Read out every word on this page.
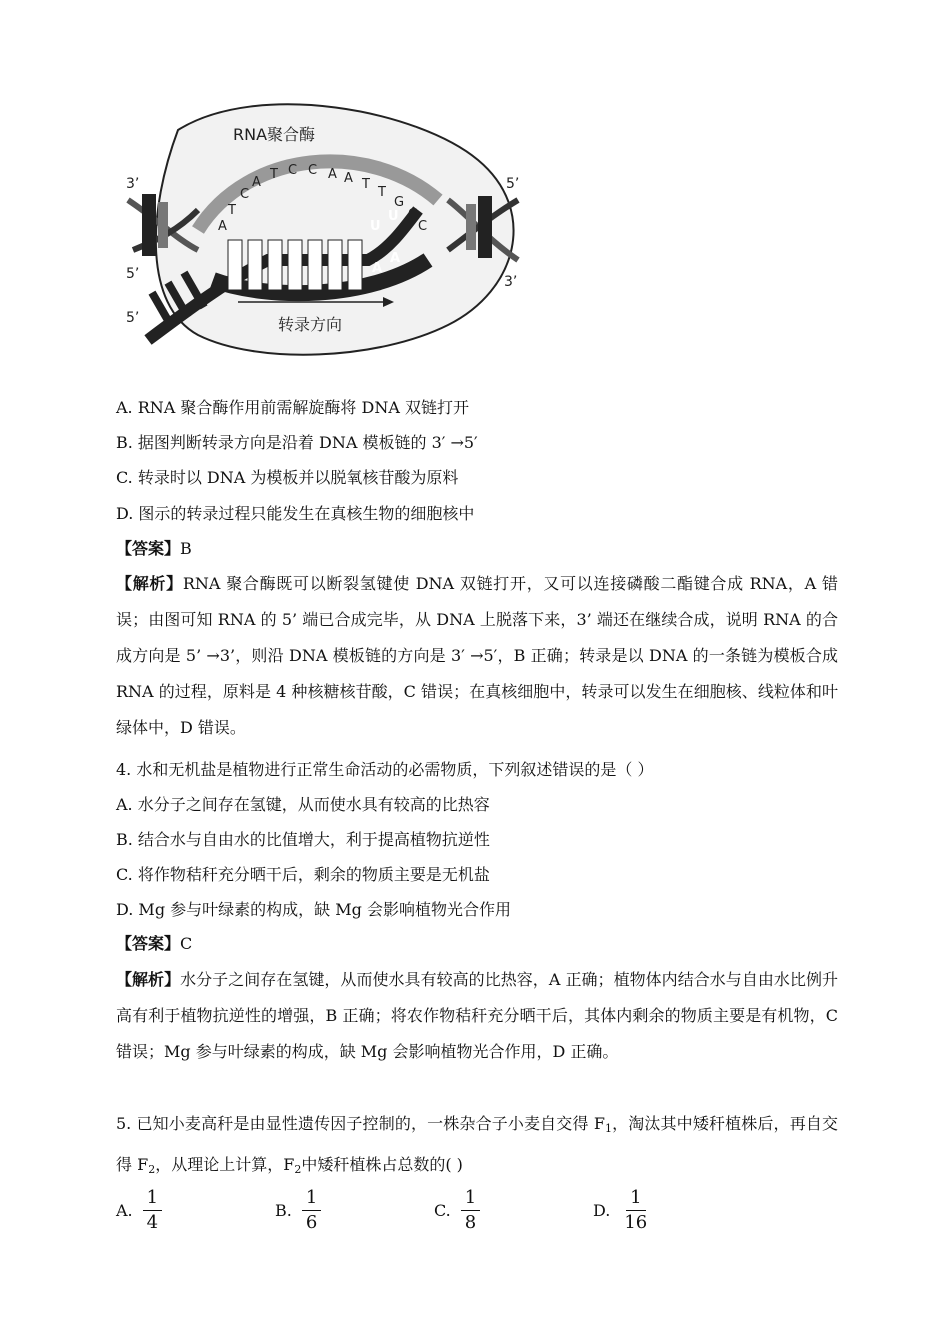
RNA聚合酶
转录方向
3’
5’
5’
5’
3’
A
T
C
A
T C C A A T
T
G
G
C
C A U C C A
U
U
T A G G T T
A
A
A. RNA 聚合酶作用前需解旋酶将 DNA 双链打开
B. 据图判断转录方向是沿着 DNA 模板链的 3′ →5′
C. 转录时以 DNA 为模板并以脱氧核苷酸为原料
D. 图示的转录过程只能发生在真核生物的细胞核中
【答案】B
【解析】RNA 聚合酶既可以断裂氢键使 DNA 双链打开，又可以连接磷酸二酯键合成 RNA，A 错误；由图可知 RNA 的 5’ 端已合成完毕，从 DNA 上脱落下来，3’ 端还在继续合成，说明 RNA 的合成方向是 5’ →3’，则沿 DNA 模板链的方向是 3′ →5′，B 正确；转录是以 DNA 的一条链为模板合成 RNA 的过程，原料是 4 种核糖核苷酸，C 错误；在真核细胞中，转录可以发生在细胞核、线粒体和叶绿体中，D 错误。
4. 水和无机盐是植物进行正常生命活动的必需物质，下列叙述错误的是（ ）
A. 水分子之间存在氢键，从而使水具有较高的比热容
B. 结合水与自由水的比值增大，利于提高植物抗逆性
C. 将作物秸秆充分晒干后，剩余的物质主要是无机盐
D. Mg 参与叶绿素的构成，缺 Mg 会影响植物光合作用
【答案】C
【解析】水分子之间存在氢键，从而使水具有较高的比热容，A 正确；植物体内结合水与自由水比例升高有利于植物抗逆性的增强，B 正确；将农作物秸秆充分晒干后，其体内剩余的物质主要是有机物，C 错误；Mg 参与叶绿素的构成，缺 Mg 会影响植物光合作用，D 正确。
5. 已知小麦高秆是由显性遗传因子控制的，一株杂合子小麦自交得 $F_1$，淘汰其中矮秆植株后，再自交得 $F_2$，从理论上计算，$F_2$中矮秆植株占总数的( )
A. $\frac{1}{4}$	B. $\frac{1}{6}$	C. $\frac{1}{8}$	D. $\frac{1}{16}$
